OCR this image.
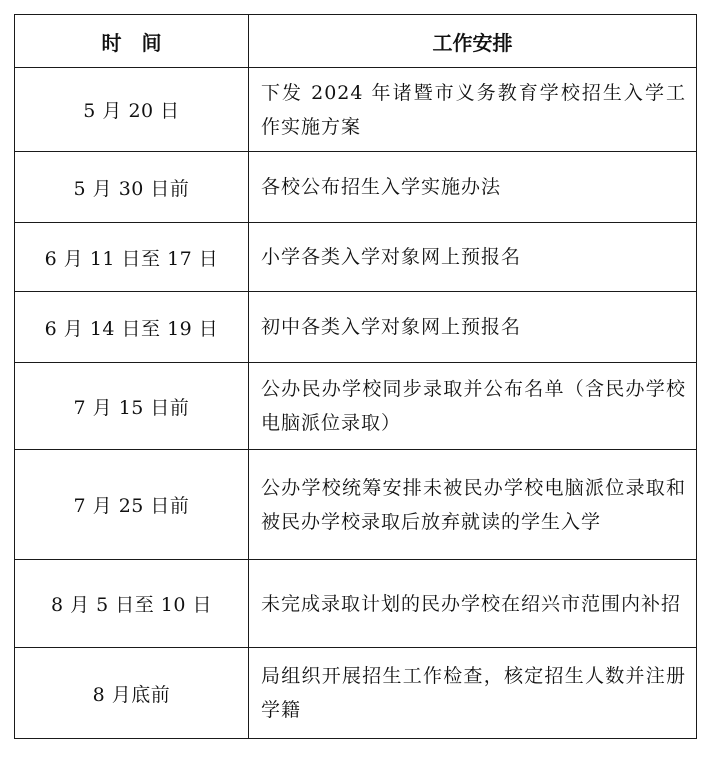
时　间	工作安排
5 月 20 日	下发 2024 年诸暨市义务教育学校招生入学工作实施方案
5 月 30 日前	各校公布招生入学实施办法
6 月 11 日至 17 日	小学各类入学对象网上预报名
6 月 14 日至 19 日	初中各类入学对象网上预报名
7 月 15 日前	公办民办学校同步录取并公布名单（含民办学校电脑派位录取）
7 月 25 日前	公办学校统筹安排未被民办学校电脑派位录取和被民办学校录取后放弃就读的学生入学
8 月 5 日至 10 日	未完成录取计划的民办学校在绍兴市范围内补招
8 月底前	局组织开展招生工作检查，核定招生人数并注册学籍
